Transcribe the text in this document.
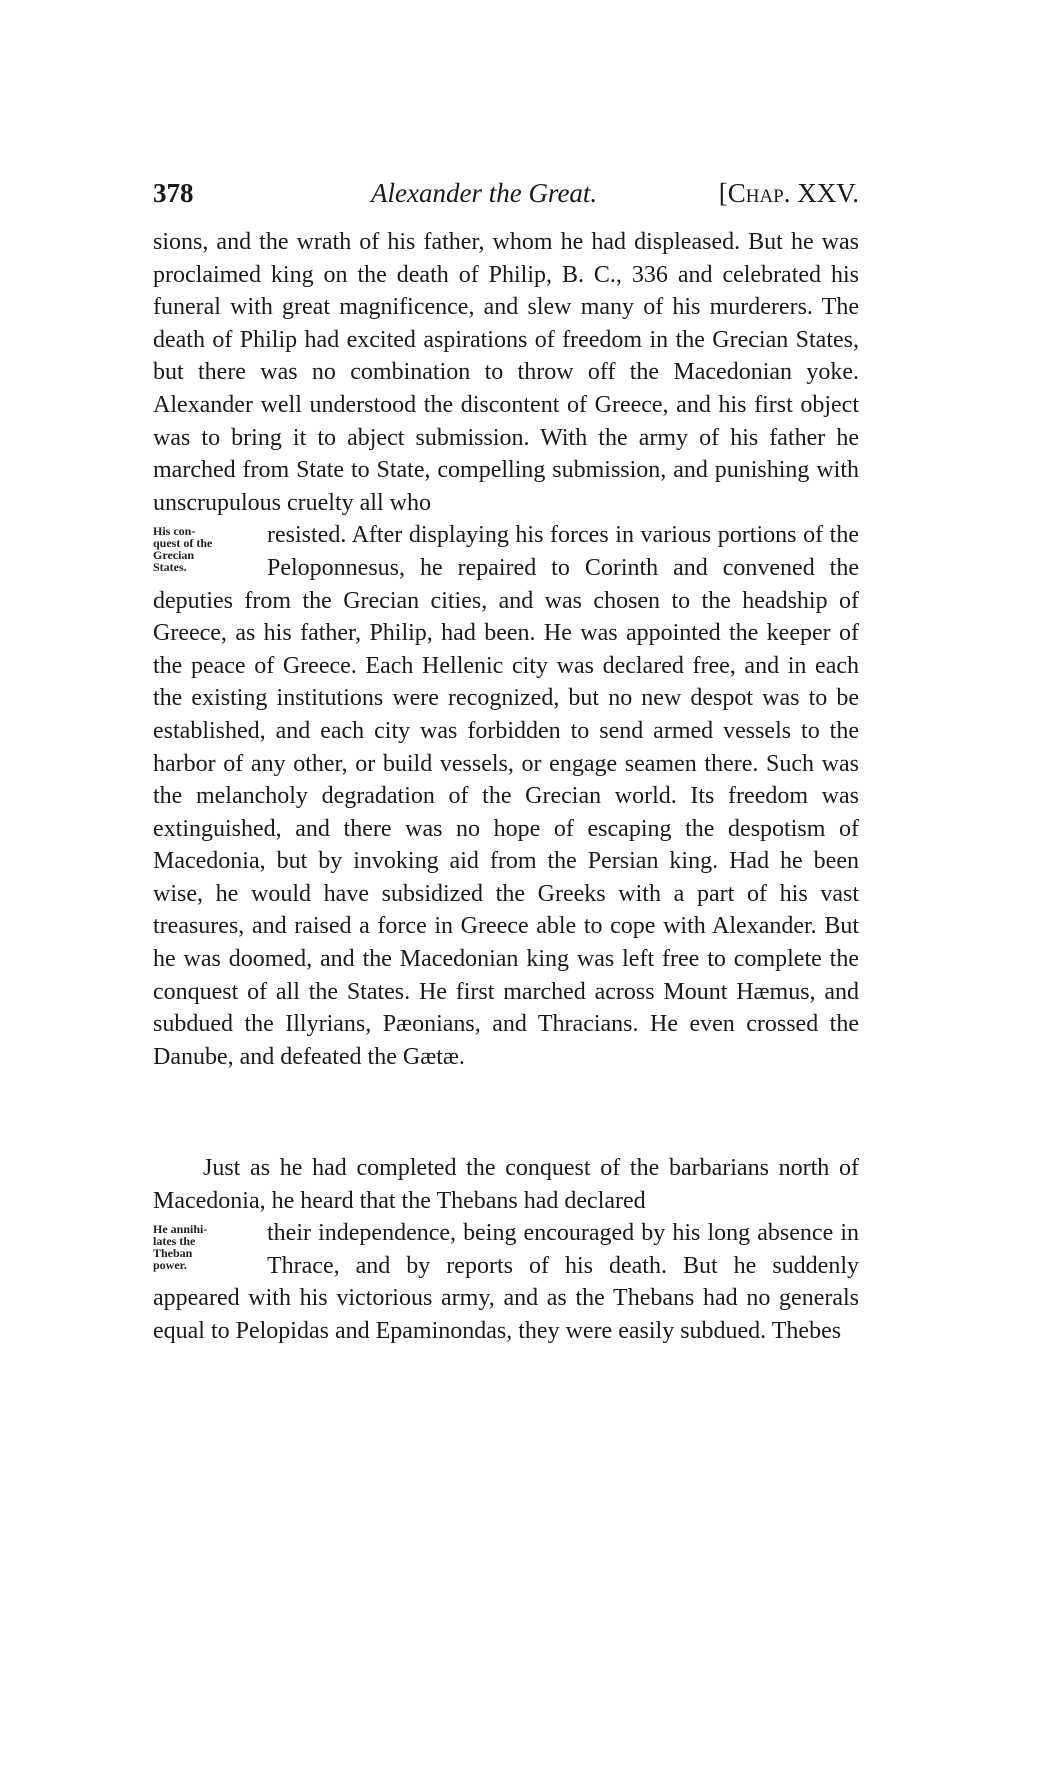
378	Alexander the Great.	[Chap. XXV.

sions, and the wrath of his father, whom he had displeased. But he was proclaimed king on the death of Philip, B. C., 336 and celebrated his funeral with great magnificence, and slew many of his murderers. The death of Philip had excited aspirations of freedom in the Grecian States, but there was no combination to throw off the Macedonian yoke. Alexander well understood the discontent of Greece, and his first object was to bring it to abject submission. With the army of his father he marched from State to State, compelling submission, and punishing with unscrupulous cruelty all who

His con-
quest of the
Grecian
States.

resisted. After displaying his forces in various portions of the Peloponnesus, he repaired to Corinth and convened the deputies from the Grecian cities, and was chosen to the headship of Greece, as his father, Philip, had been. He was appointed the keeper of the peace of Greece. Each Hellenic city was declared free, and in each the existing institutions were recognized, but no new despot was to be established, and each city was forbidden to send armed vessels to the harbor of any other, or build vessels, or engage seamen there. Such was the melancholy degradation of the Grecian world. Its freedom was extinguished, and there was no hope of escaping the despotism of Macedonia, but by invoking aid from the Persian king. Had he been wise, he would have subsidized the Greeks with a part of his vast treasures, and raised a force in Greece able to cope with Alexander. But he was doomed, and the Macedonian king was left free to complete the conquest of all the States. He first marched across Mount Hæmus, and subdued the Illyrians, Pæonians, and Thracians. He even crossed the Danube, and defeated the Gætæ.

Just as he had completed the conquest of the barbarians north of Macedonia, he heard that the Thebans had declared

He annihi-
lates the
Theban
power.

their independence, being encouraged by his long absence in Thrace, and by reports of his death. But he suddenly appeared with his victorious army, and as the Thebans had no generals equal to Pelopidas and Epaminondas, they were easily subdued. Thebes
